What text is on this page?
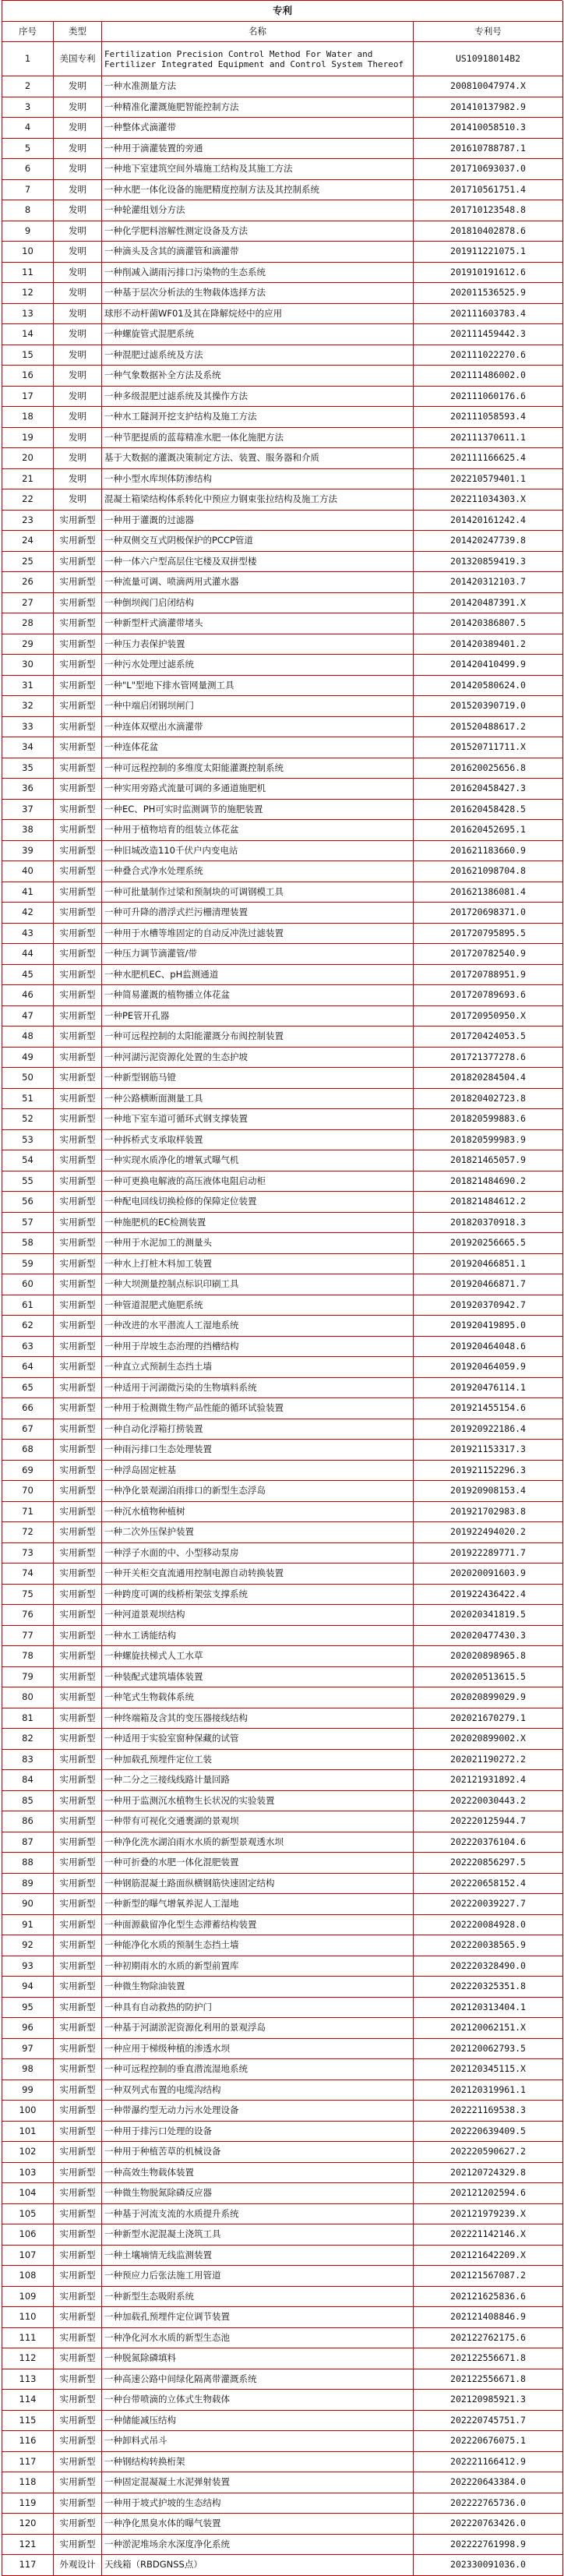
专利
序号	类型	名称	专利号
1	美国专利	Fertilization Precision Control Method For Water and Fertilizer Integrated Equipment and Control System Thereof	US10918014B2
2	发明	一种水准测量方法	200810047974.X
3	发明	一种精准化灌溉施肥智能控制方法	201410137982.9
4	发明	一种整体式滴灌带	201410058510.3
5	发明	一种用于滴灌装置的旁通	201610788787.1
6	发明	一种地下室建筑空间外墙施工结构及其施工方法	201710693037.0
7	发明	一种水肥一体化设备的施肥精度控制方法及其控制系统	201710561751.4
8	发明	一种轮灌组划分方法	201710123548.8
9	发明	一种化学肥料溶解性测定设备及方法	201810402878.6
10	发明	一种滴头及含其的滴灌管和滴灌带	201911221075.1
11	发明	一种削减入湖雨污排口污染物的生态系统	201910191612.6
12	发明	一种基于层次分析法的生物载体选择方法	202011536525.9
13	发明	球形不动杆菌WF01及其在降解烷烃中的应用	202111603783.4
14	发明	一种螺旋管式混肥系统	202111459442.3
15	发明	一种混肥过滤系统及方法	202111022270.6
16	发明	一种气象数据补全方法及系统	202111486002.0
17	发明	一种多级混肥过滤系统及其操作方法	202111060176.6
18	发明	一种水工隧洞开挖支护结构及施工方法	202111058593.4
19	发明	一种节肥提质的蓝莓精准水肥一体化施肥方法	202111370611.1
20	发明	基于大数据的灌溉决策制定方法、装置、服务器和介质	202111166625.4
21	发明	一种小型水库坝体防渗结构	202210579401.1
22	发明	混凝土箱梁结构体系转化中预应力钢束张拉结构及施工方法	202211034303.X
23	实用新型	一种用于灌溉的过滤器	201420161242.4
24	实用新型	一种双侧交互式阴极保护的PCCP管道	201420247739.8
25	实用新型	一种一体六户型高层住宅楼及双拼型楼	201320859419.3
26	实用新型	一种流量可调、喷滴两用式灌水器	201420312103.7
27	实用新型	一种倒坝阀门启闭结构	201420487391.X
28	实用新型	一种新型杆式滴灌带堵头	201420386807.5
29	实用新型	一种压力表保护装置	201420389401.2
30	实用新型	一种污水处理过滤系统	201420410499.9
31	实用新型	一种"L"型地下排水管网量测工具	201420580624.0
32	实用新型	一种中端启闭钢坝闸门	201520390719.0
33	实用新型	一种连体双壁出水滴灌带	201520488617.2
34	实用新型	一种连体花盆	201520711711.X
35	实用新型	一种可远程控制的多维度太阳能灌溉控制系统	201620025656.8
36	实用新型	一种实用旁路式流量可调的多通道施肥机	201620458427.3
37	实用新型	一种EC、PH可实时监测调节的施肥装置	201620458428.5
38	实用新型	一种用于植物培育的组装立体花盆	201620452695.1
39	实用新型	一种旧城改造110千伏户内变电站	201621183660.9
40	实用新型	一种叠合式净水处理系统	201621098704.8
41	实用新型	一种可批量制作过梁和预制块的可调钢模工具	201621386081.4
42	实用新型	一种可升降的潜浮式拦污栅清理装置	201720698371.0
43	实用新型	一种用于水槽等堆固定的自动反冲洗过滤装置	201720795895.5
44	实用新型	一种压力调节滴灌管/带	201720782540.9
45	实用新型	一种水肥机EC、pH监测通道	201720788951.9
46	实用新型	一种简易灌溉的植物播立体花盆	201720789693.6
47	实用新型	一种PE管开孔器	201720950950.X
48	实用新型	一种可远程控制的太阳能灌溉分布阀控制装置	201720424053.5
49	实用新型	一种河湖污泥资源化处置的生态护坡	201721377278.6
50	实用新型	一种新型钢筋马镫	201820284504.4
51	实用新型	一种公路横断面测量工具	201820402723.8
52	实用新型	一种地下室车道可循环式钢支撑装置	201820599883.6
53	实用新型	一种拆桥式支承取样装置	201820599983.9
54	实用新型	一种实现水质净化的增氧式曝气机	201821465057.9
55	实用新型	一种可更换电解液的高压液体电阻启动柜	201821484690.2
56	实用新型	一种配电回线切换检修的保障定位装置	201821484612.2
57	实用新型	一种施肥机的EC检测装置	201820370918.3
58	实用新型	一种用于水泥加工的测量头	201920256665.5
59	实用新型	一种水上打桩木料加工装置	201920466851.1
60	实用新型	一种大坝测量控制点标识印刷工具	201920466871.7
61	实用新型	一种管道混肥式施肥系统	201920370942.7
62	实用新型	一种改进的水平潜流人工湿地系统	201920419895.0
63	实用新型	一种用于岸坡生态治理的挡槽结构	201920464048.6
64	实用新型	一种直立式预制生态挡土墙	201920464059.9
65	实用新型	一种适用于河湖微污染的生物填料系统	201920476114.1
66	实用新型	一种用于检测微生物产品性能的循环试验装置	201921455154.6
67	实用新型	一种自动化浮箱打捞装置	201920922186.4
68	实用新型	一种雨污排口生态处理装置	201921153317.3
69	实用新型	一种浮岛固定桩基	201921152296.3
70	实用新型	一种净化景观湖泊雨排口的新型生态浮岛	201920908153.4
71	实用新型	一种沉水植物种植树	201921702983.8
72	实用新型	一种二次外压保护装置	201922494020.2
73	实用新型	一种浮子水面的中、小型移动泵房	201922289771.7
74	实用新型	一种开关柜交直流通用控制电源自动转换装置	202020091603.9
75	实用新型	一种跨度可调的线桥桁架弦支撑系统	201922436422.4
76	实用新型	一种河道景观坝结构	202020341819.5
77	实用新型	一种水工诱能结构	202020477430.3
78	实用新型	一种螺旋扶梯式人工水草	202020898965.8
79	实用新型	一种装配式建筑墙体装置	202020513615.5
80	实用新型	一种笔式生物载体系统	202020899029.9
81	实用新型	一种终端箱及含其的变压器接线结构	202021670279.1
82	实用新型	一种适用于实验室窗种保藏的试管	202020899002.X
83	实用新型	一种加载孔预埋件定位工装	202021190272.2
84	实用新型	一种二分之三接线线路计量回路	202121931892.4
85	实用新型	一种用于监测沉水植物生长状况的实验装置	202220030443.2
86	实用新型	一种带有可视化交通裹湖的景观坝	202220125944.7
87	实用新型	一种净化洗水湖泊雨水水质的新型景观透水坝	202220376104.6
88	实用新型	一种可折叠的水肥一体化混肥装置	202220856297.5
89	实用新型	一种钢筋混凝土路面纵横钢筋快速固定结构	202220658152.4
90	实用新型	一种新型的曝气增氧养泥人工湿地	202220039227.7
91	实用新型	一种面源截留净化型生态滞蓄结构装置	202220084928.0
92	实用新型	一种能净化水质的预制生态挡土墙	202220038565.9
93	实用新型	一种初期雨水的水质的新型前置库	202220328490.0
94	实用新型	一种微生物除油装置	202220325351.8
95	实用新型	一种具有自动救热的防护门	202120313404.1
96	实用新型	一种基于河湖淤泥资源化利用的景观浮岛	202120062151.X
97	实用新型	一种应用于梯级种植的渗透水坝	202120062793.5
98	实用新型	一种可远程控制的垂直潜流湿地系统	202120345115.X
99	实用新型	一种双列式布置的电缆沟结构	202120319961.1
100	实用新型	一种带瀑约型无动力污水处理设备	202221169538.3
101	实用新型	一种用于排污口处理的设备	202220639409.5
102	实用新型	一种用于种植苦草的机械设备	202220590627.2
103	实用新型	一种高效生物载体装置	202120724329.8
104	实用新型	一种微生物脱氮除磷反应器	202121202594.6
105	实用新型	一种基于河流支流的水质提升系统	202121979239.X
106	实用新型	一种新型水泥混凝土浇筑工具	202221142146.X
107	实用新型	一种土壤墒情无线监测装置	202121642209.X
108	实用新型	一种预应力后张法施工用管道	202121567087.2
109	实用新型	一种新型生态吸附系统	202121625836.6
110	实用新型	一种加载孔预埋件定位调节装置	202121408846.9
111	实用新型	一种净化河水水质的新型生态池	202122762175.6
112	实用新型	一种脱氮除磷填料	202122556671.8
113	实用新型	一种高速公路中间绿化隔离带灌溉系统	202122556671.8
114	实用新型	一种台带喷滴的立体式生物载体	202120985921.3
115	实用新型	一种储能减压结构	202220745751.7
116	实用新型	一种卸料式吊斗	202220676075.1
117	实用新型	一种钢结构转换桁架	202221166412.9
118	实用新型	一种固定混凝凝土水泥弹射装置	202220643384.0
119	实用新型	一种用于坡式护坡的生态结构	202222765736.0
120	实用新型	一种净化黑臭水体的曝气装置	202220763426.0
121	实用新型	一种淤泥堆场余水深度净化系统	202222761998.9
117	外观设计	天线箱（RBDGNSS点）	202330091036.0
